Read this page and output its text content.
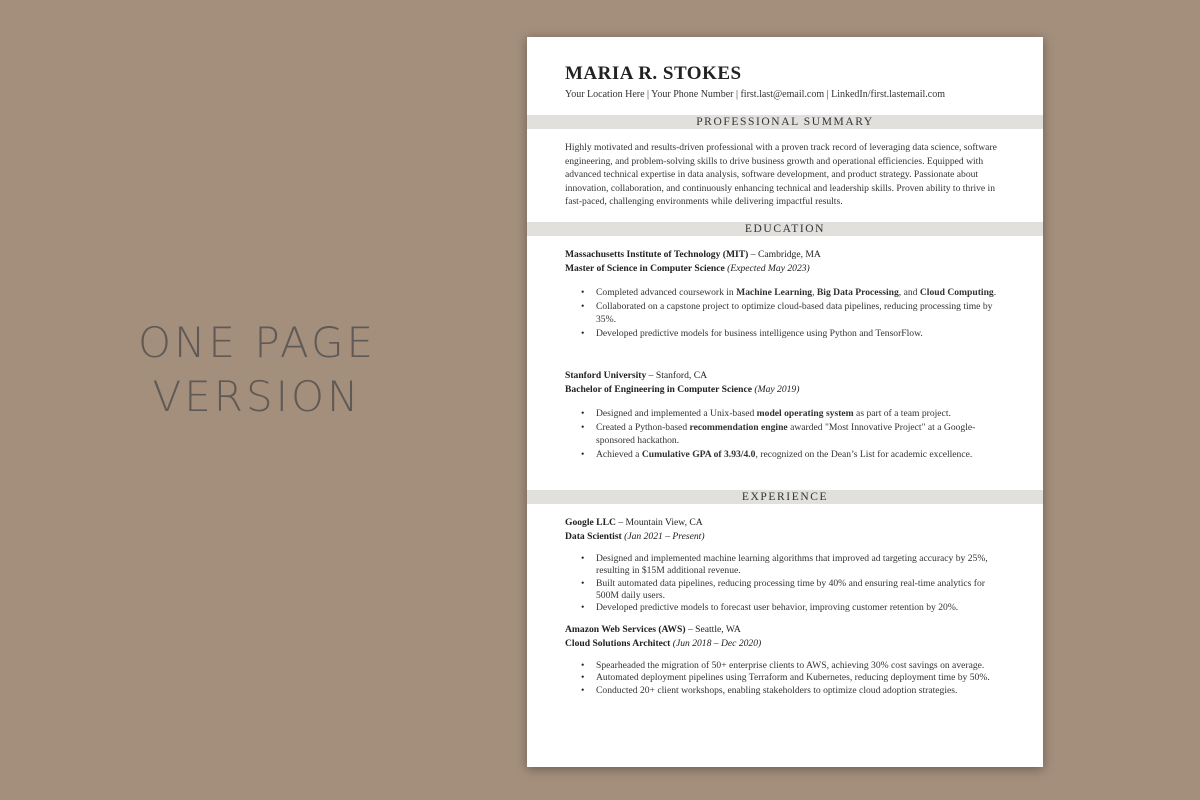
ONE PAGE
VERSION
MARIA R. STOKES
Your Location Here | Your Phone Number | first.last@email.com | LinkedIn/first.lastemail.com
PROFESSIONAL SUMMARY
Highly motivated and results-driven professional with a proven track record of leveraging data science, software engineering, and problem-solving skills to drive business growth and operational efficiencies. Equipped with advanced technical expertise in data analysis, software development, and product strategy. Passionate about innovation, collaboration, and continuously enhancing technical and leadership skills. Proven ability to thrive in fast-paced, challenging environments while delivering impactful results.
EDUCATION
Massachusetts Institute of Technology (MIT) – Cambridge, MA
Master of Science in Computer Science (Expected May 2023)
• Completed advanced coursework in Machine Learning, Big Data Processing, and Cloud Computing.
• Collaborated on a capstone project to optimize cloud-based data pipelines, reducing processing time by 35%.
• Developed predictive models for business intelligence using Python and TensorFlow.
Stanford University – Stanford, CA
Bachelor of Engineering in Computer Science (May 2019)
• Designed and implemented a Unix-based model operating system as part of a team project.
• Created a Python-based recommendation engine awarded "Most Innovative Project" at a Google-sponsored hackathon.
• Achieved a Cumulative GPA of 3.93/4.0, recognized on the Dean’s List for academic excellence.
EXPERIENCE
Google LLC – Mountain View, CA
Data Scientist (Jan 2021 – Present)
• Designed and implemented machine learning algorithms that improved ad targeting accuracy by 25%, resulting in $15M additional revenue.
• Built automated data pipelines, reducing processing time by 40% and ensuring real-time analytics for 500M daily users.
• Developed predictive models to forecast user behavior, improving customer retention by 20%.
Amazon Web Services (AWS) – Seattle, WA
Cloud Solutions Architect (Jun 2018 – Dec 2020)
• Spearheaded the migration of 50+ enterprise clients to AWS, achieving 30% cost savings on average.
• Automated deployment pipelines using Terraform and Kubernetes, reducing deployment time by 50%.
• Conducted 20+ client workshops, enabling stakeholders to optimize cloud adoption strategies.
